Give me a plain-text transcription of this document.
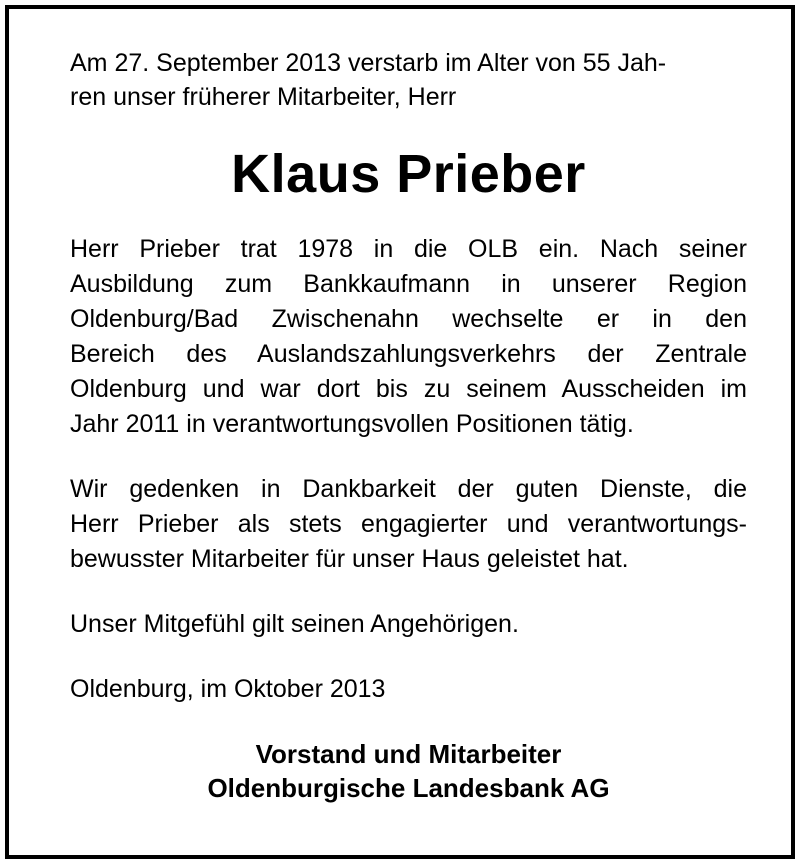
Am 27. September 2013 verstarb im Alter von 55 Jah-
ren unser früherer Mitarbeiter, Herr

Klaus Prieber

Herr Prieber trat 1978 in die OLB ein. Nach seiner
Ausbildung zum Bankkaufmann in unserer Region
Oldenburg/Bad Zwischenahn wechselte er in den
Bereich des Auslandszahlungsverkehrs der Zentrale
Oldenburg und war dort bis zu seinem Ausscheiden im
Jahr 2011 in verantwortungsvollen Positionen tätig.

Wir gedenken in Dankbarkeit der guten Dienste, die
Herr Prieber als stets engagierter und verantwortungs-
bewusster Mitarbeiter für unser Haus geleistet hat.

Unser Mitgefühl gilt seinen Angehörigen.

Oldenburg, im Oktober 2013

Vorstand und Mitarbeiter
Oldenburgische Landesbank AG
